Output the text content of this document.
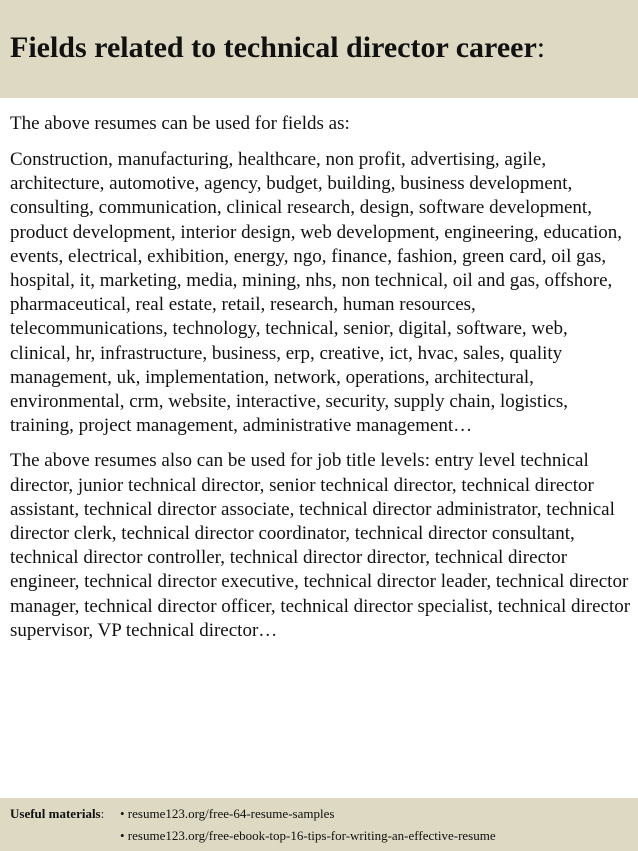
Fields related to technical director career:

The above resumes can be used for fields as:

Construction, manufacturing, healthcare, non profit, advertising, agile, architecture, automotive, agency, budget, building, business development, consulting, communication, clinical research, design, software development, product development, interior design, web development, engineering, education, events, electrical, exhibition, energy, ngo, finance, fashion, green card, oil gas, hospital, it, marketing, media, mining, nhs, non technical, oil and gas, offshore, pharmaceutical, real estate, retail, research, human resources, telecommunications, technology, technical, senior, digital, software, web, clinical, hr, infrastructure, business, erp, creative, ict, hvac, sales, quality management, uk, implementation, network, operations, architectural, environmental, crm, website, interactive, security, supply chain, logistics, training, project management, administrative management…

The above resumes also can be used for job title levels: entry level technical director, junior technical director, senior technical director, technical director assistant, technical director associate, technical director administrator, technical director clerk, technical director coordinator, technical director consultant, technical director controller, technical director director, technical director engineer, technical director executive, technical director leader, technical director manager, technical director officer, technical director specialist, technical director supervisor, VP technical director…

Useful materials:	• resume123.org/free-64-resume-samples
• resume123.org/free-ebook-top-16-tips-for-writing-an-effective-resume
